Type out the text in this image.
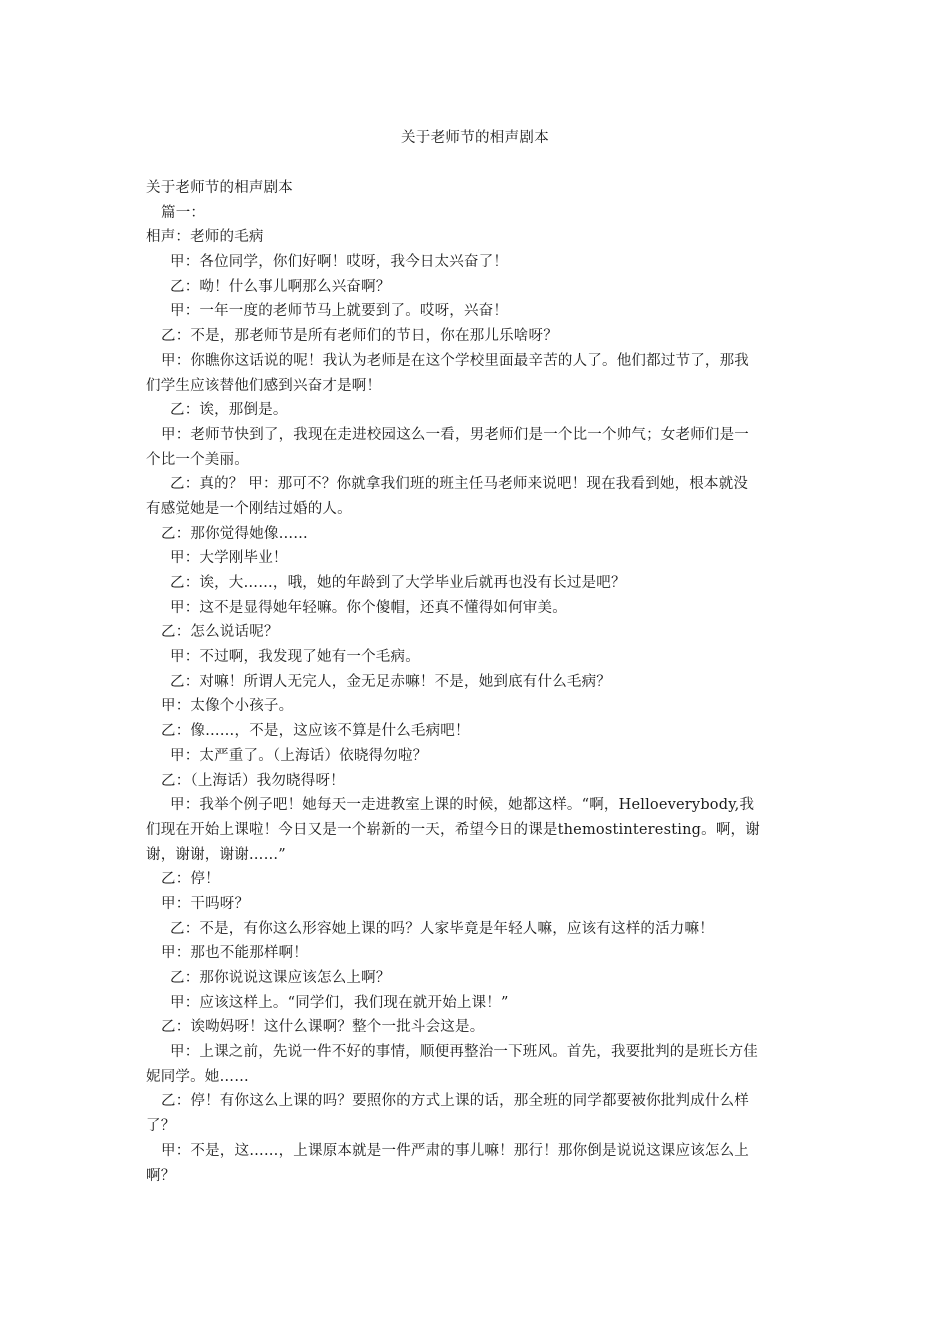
关于老师节的相声剧本
关于老师节的相声剧本
篇一：
相声：老师的毛病
甲：各位同学，你们好啊！哎呀，我今日太兴奋了！
乙：呦！什么事儿啊那么兴奋啊？
甲：一年一度的老师节马上就要到了。哎呀，兴奋！
乙：不是，那老师节是所有老师们的节日，你在那儿乐啥呀？
甲：你瞧你这话说的呢！我认为老师是在这个学校里面最辛苦的人了。他们都过节了，那我
们学生应该替他们感到兴奋才是啊！
乙：诶，那倒是。
甲：老师节快到了，我现在走进校园这么一看，男老师们是一个比一个帅气；女老师们是一
个比一个美丽。
乙：真的？ 甲：那可不？你就拿我们班的班主任马老师来说吧！现在我看到她，根本就没
有感觉她是一个刚结过婚的人。
乙：那你觉得她像……
甲：大学刚毕业！
乙：诶，大……，哦，她的年龄到了大学毕业后就再也没有长过是吧？
甲：这不是显得她年轻嘛。你个傻帽，还真不懂得如何审美。
乙：怎么说话呢？
甲：不过啊，我发现了她有一个毛病。
乙：对嘛！所谓人无完人，金无足赤嘛！不是，她到底有什么毛病？
甲：太像个小孩子。
乙：像……，不是，这应该不算是什么毛病吧！
甲：太严重了。（上海话）依晓得勿啦？
乙：（上海话）我勿晓得呀！
甲：我举个例子吧！她每天一走进教室上课的时候，她都这样。“啊，Helloeverybody,我
们现在开始上课啦！今日又是一个崭新的一天，希望今日的课是themostinteresting。啊，谢
谢，谢谢，谢谢……”
乙：停！
甲：干吗呀？
乙：不是，有你这么形容她上课的吗？人家毕竟是年轻人嘛，应该有这样的活力嘛！
甲：那也不能那样啊！
乙：那你说说这课应该怎么上啊？
甲：应该这样上。“同学们，我们现在就开始上课！”
乙：诶呦妈呀！这什么课啊？整个一批斗会这是。
甲：上课之前，先说一件不好的事情，顺便再整治一下班风。首先，我要批判的是班长方佳
妮同学。她……
乙：停！有你这么上课的吗？要照你的方式上课的话，那全班的同学都要被你批判成什么样
了？
甲：不是，这……，上课原本就是一件严肃的事儿嘛！那行！那你倒是说说这课应该怎么上
啊？
